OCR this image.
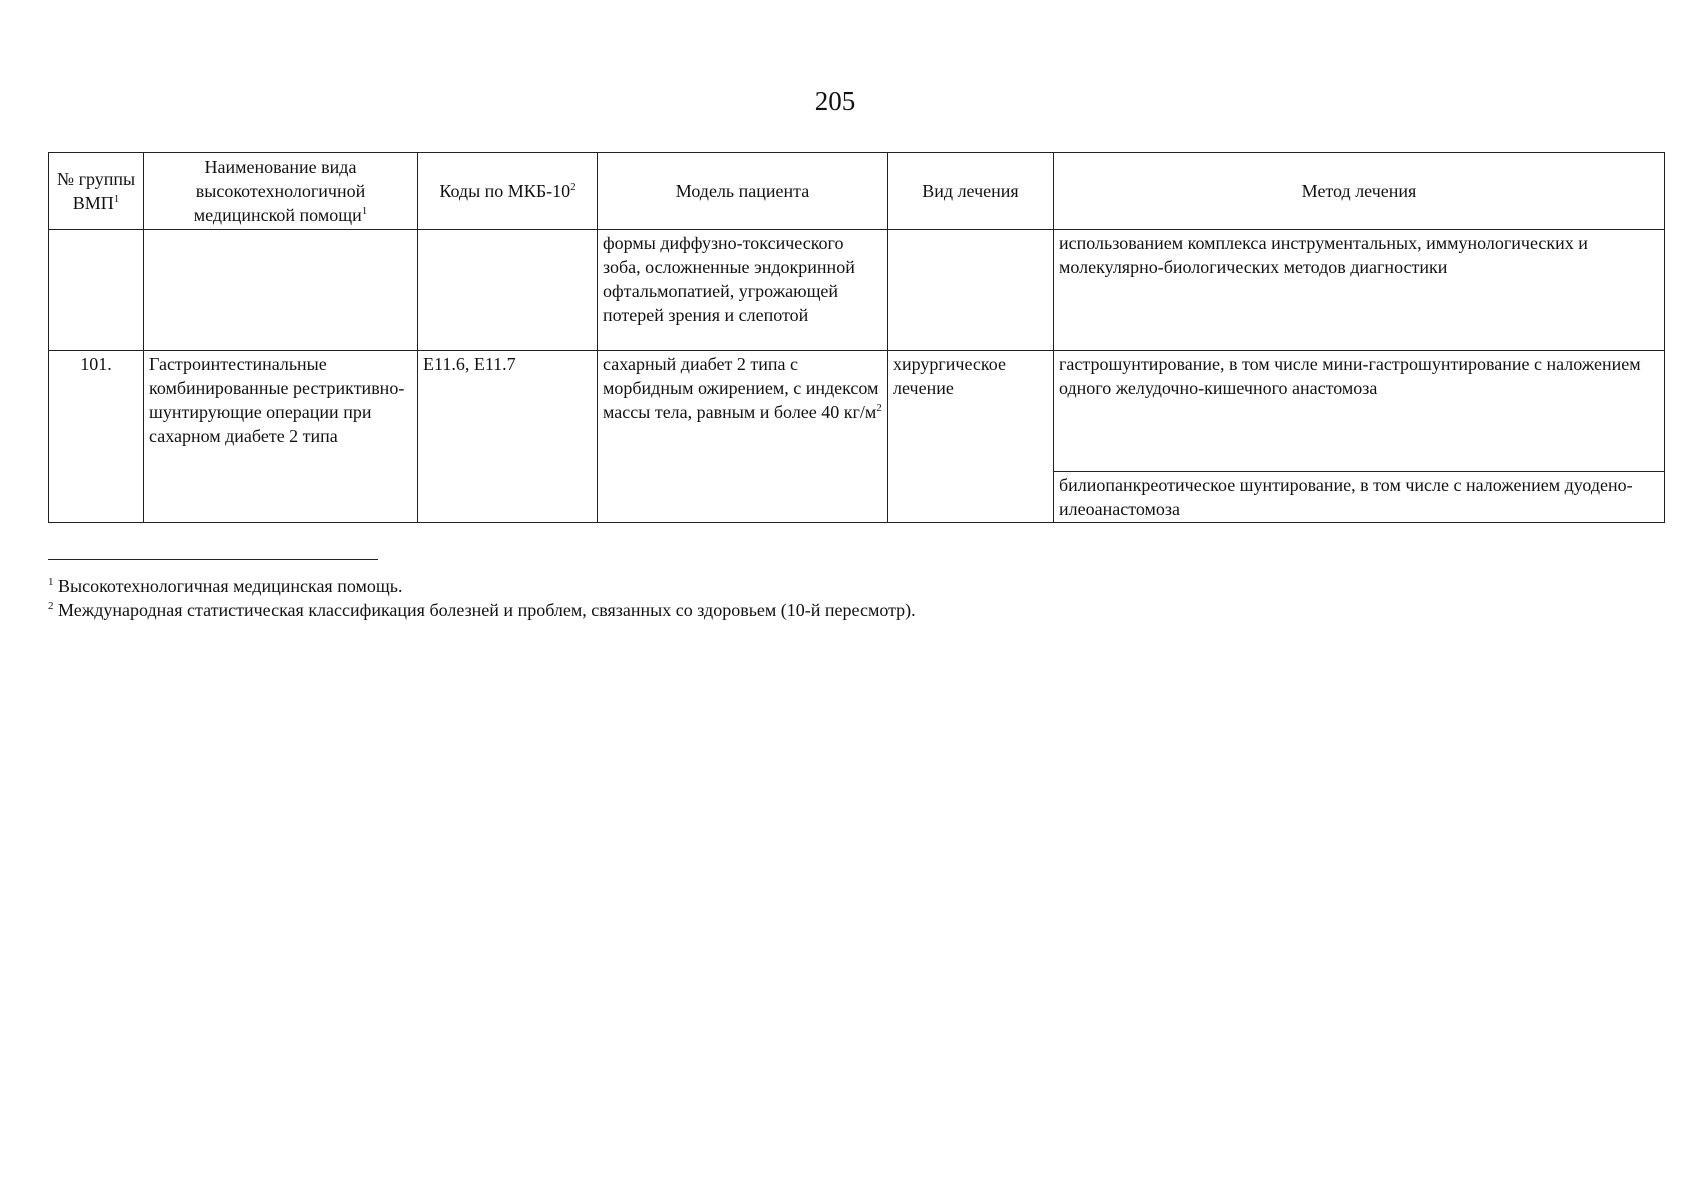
205
№ группы ВМП$^1$	Наименование вида высокотехнологичной медицинской помощи$^1$	Коды по МКБ-$10^2$	Модель пациента	Вид лечения	Метод лечения
			формы диффузно-токсического зоба, осложненные эндокринной офтальмопатией, угрожающей потерей зрения и слепотой		использованием комплекса инструментальных, иммунологических и молекулярно-биологических методов диагностики
101.	Гастроинтестинальные комбинированные рестриктивно-шунтирующие операции при сахарном диабете 2 типа	E11.6, E11.7	сахарный диабет 2 типа с морбидным ожирением, с индексом массы тела, равным и более 40 $кг/м^2$	хирургическое лечение	гастрошунтирование, в том числе мини-гастрошунтирование с наложением одного желудочно-кишечного анастомоза
					билиопанкреотическое шунтирование, в том числе с наложением дуодено-илеоанастомоза
$^1$ Высокотехнологичная медицинская помощь.
$^2$ Международная статистическая классификация болезней и проблем, связанных со здоровьем (10-й пересмотр).
